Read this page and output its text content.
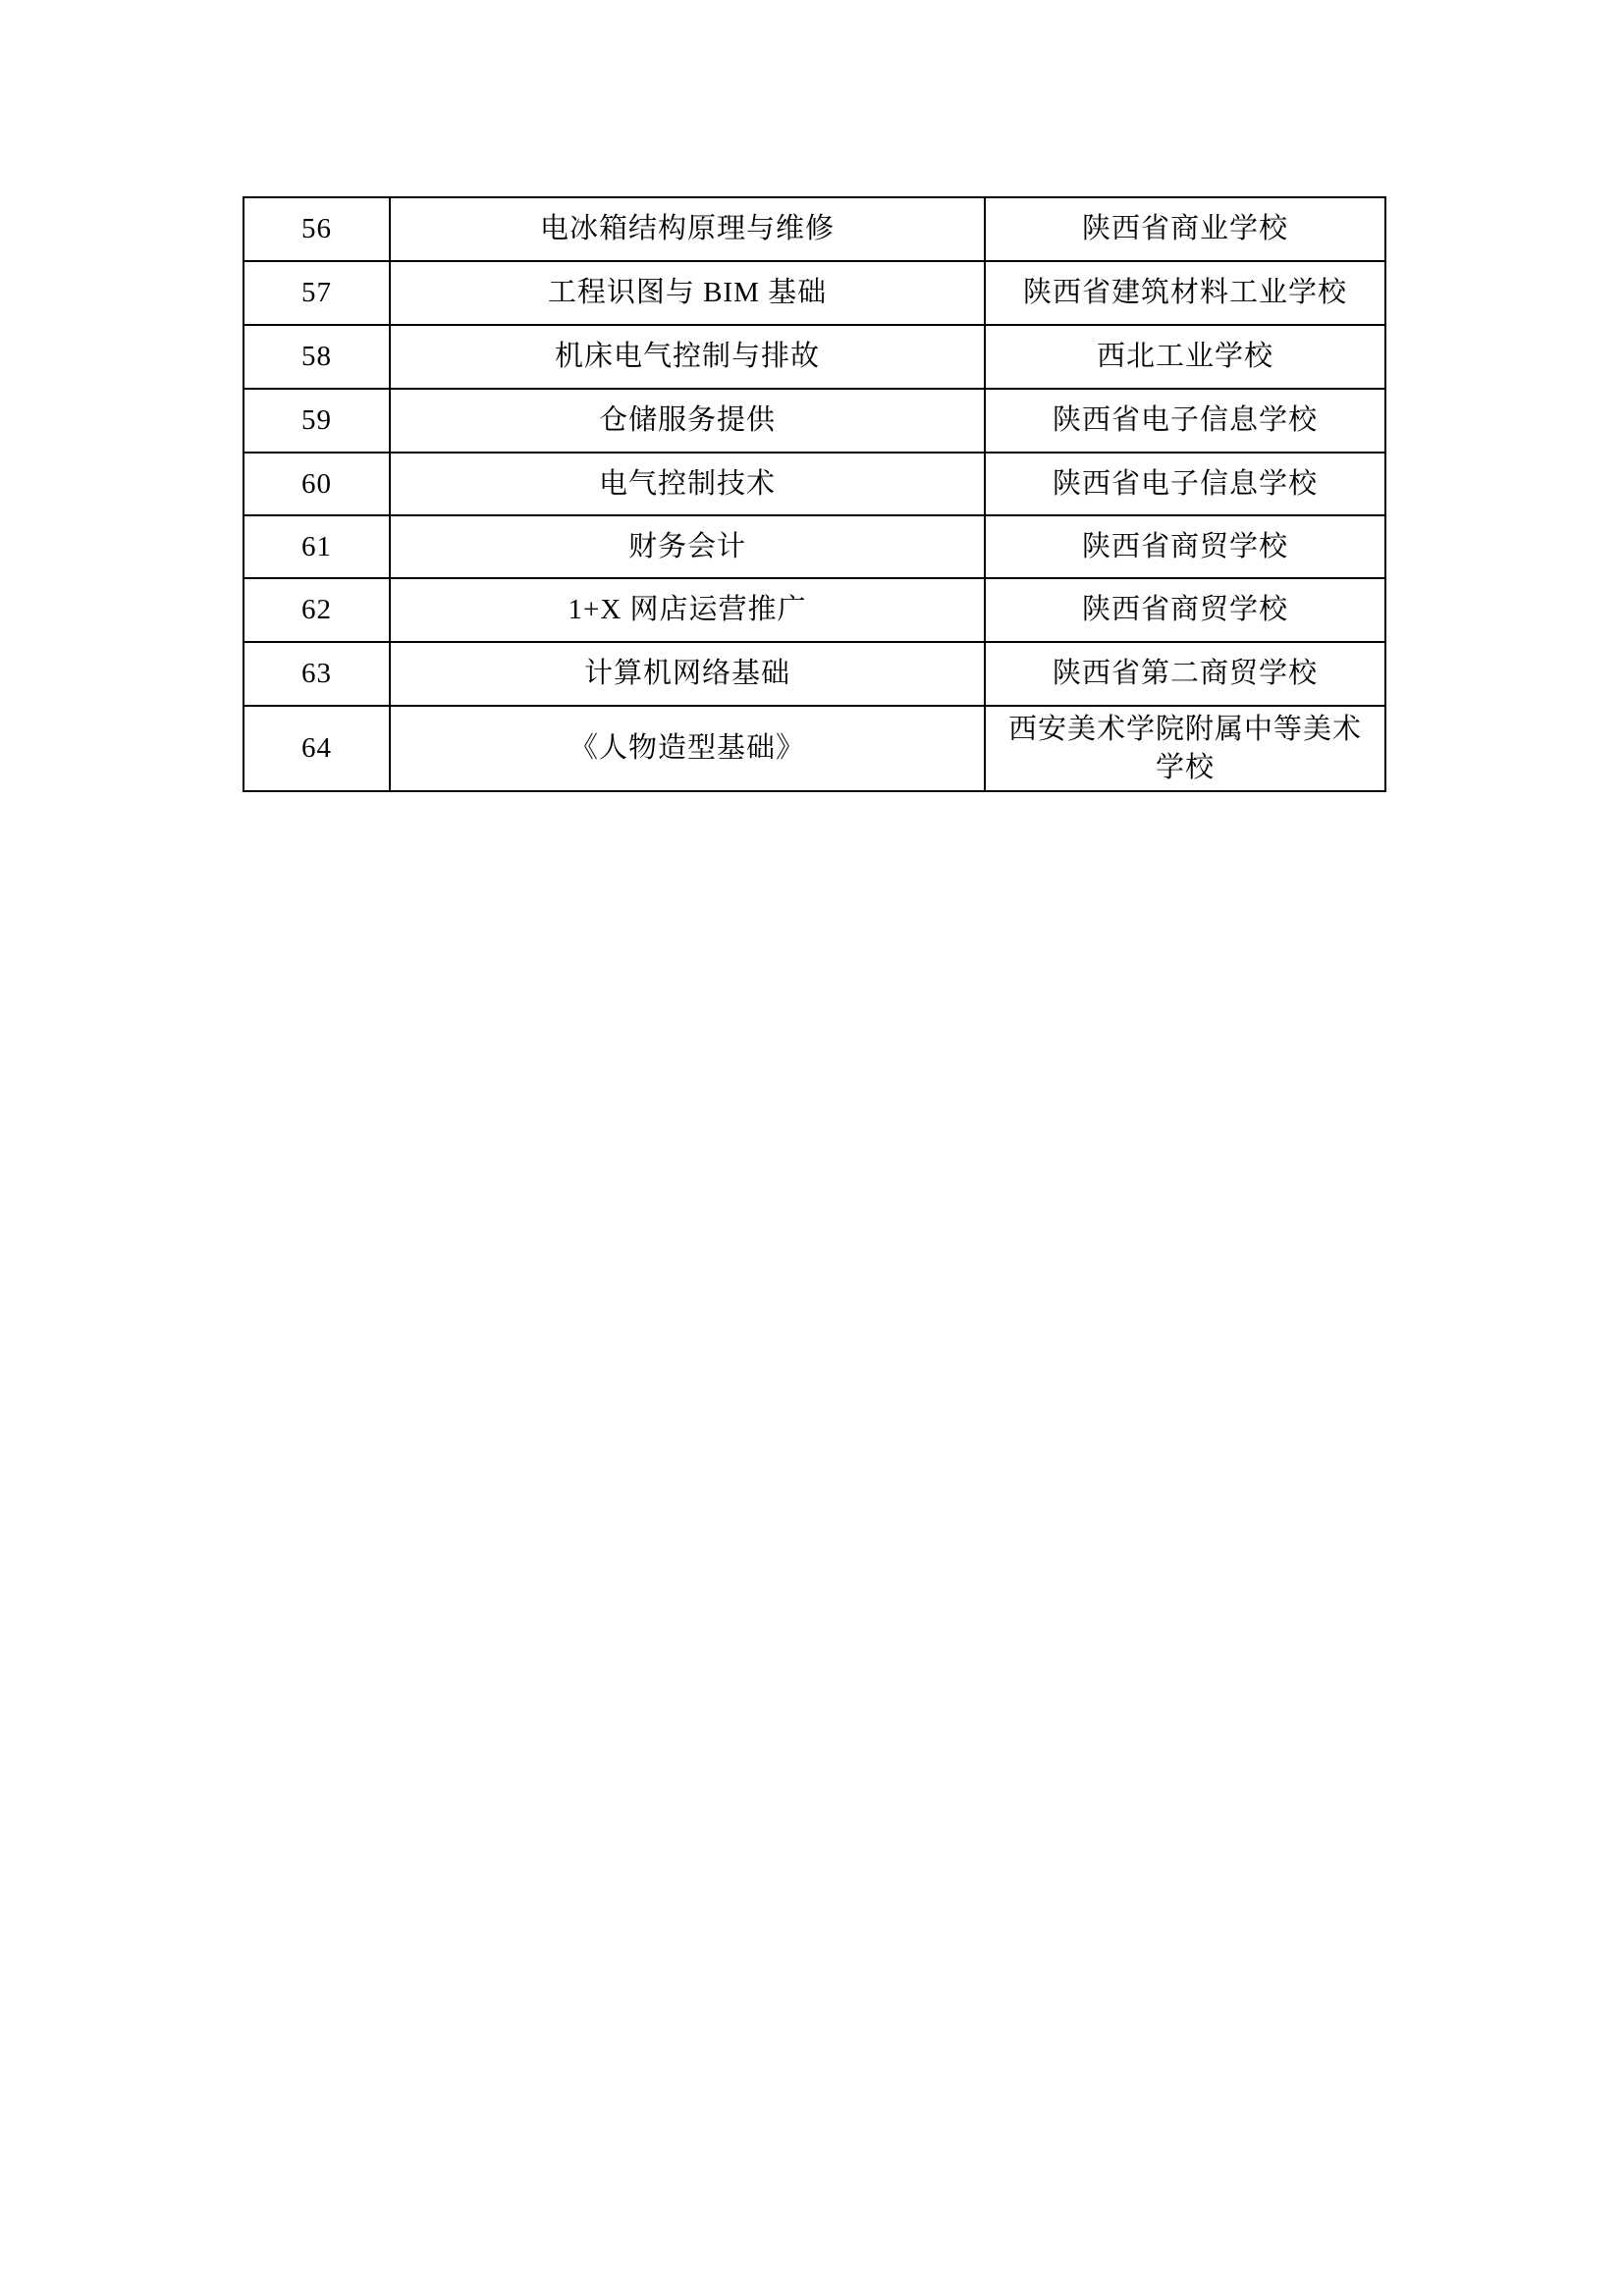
56	电冰箱结构原理与维修	陕西省商业学校
57	工程识图与 BIM 基础	陕西省建筑材料工业学校
58	机床电气控制与排故	西北工业学校
59	仓储服务提供	陕西省电子信息学校
60	电气控制技术	陕西省电子信息学校
61	财务会计	陕西省商贸学校
62	1+X 网店运营推广	陕西省商贸学校
63	计算机网络基础	陕西省第二商贸学校
64	《人物造型基础》	西安美术学院附属中等美术学校
